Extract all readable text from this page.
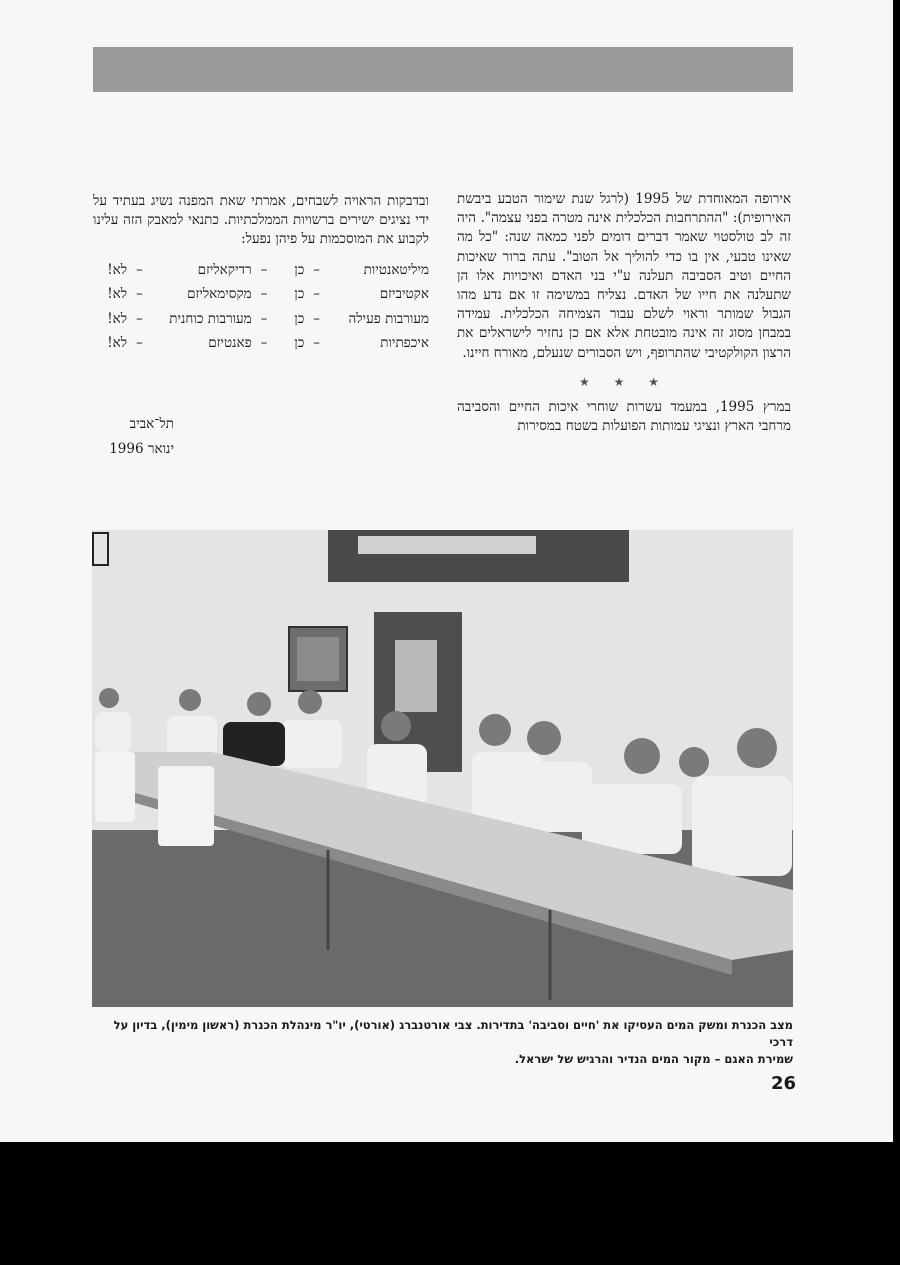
אירופה המאוחדת של 1995 (לרגל שנת שימור הטבע ביבשת האירופית): "ההתרחבות הכלכלית אינה מטרה בפני עצמה". היה זה לב טולסטוי שאמר דברים דומים לפני כמאה שנה: "כל מה שאינו טבעי, אין בו כדי להוליך אל הטוב". עתה ברור שאיכות החיים וטיב הסביבה תעלנה ע"י בני האדם ואיכויות אלו הן שתעלנה את חייו של האדם. נצליח במשימה זו אם נדע מהו הגבול שמותר וראוי לשלם עבור הצמיחה הכלכלית. עמידה במבחן מסוג זה אינה מובטחת אלא אם כן נחזיר לישראלים את הרצון הקולקטיבי שהתרופף, ויש הסבורים שנעלם, מאורח חיינו.

★ ★ ★

במרץ 1995, במעמד עשרות שוחרי איכות החיים והסביבה מרחבי הארץ ונציגי עמותות הפועלות בשטח במסירות

ובדבקות הראויה לשבחים, אמרתי שאת המפנה נשיג בעתיד על ידי נציגים ישירים ברשויות הממלכתיות. כתנאי למאבק הזה עלינו לקבוע את המוסכמות על פיהן נפעל:

מיליטאנטיות
–
כן
–
רדיקאליזם
–
לא!
אקטיביזם
–
כן
–
מקסימאליזם
–
לא!
מעורבות פעילה
–
כן
–
מעורבות כוחנית
–
לא!
איכפתיות
–
כן
–
פאנטיזם
–
לא!
תל־אביב
ינואר 1996
מצב הכנרת ומשק המים העסיקו את 'חיים וסביבה' בתדירות. צבי אורטנברג (אורטי), יו"ר מינהלת הכנרת (ראשון מימין), בדיון על דרכי
שמירת האגם – מקור המים הנדיר והרגיש של ישראל.
26
